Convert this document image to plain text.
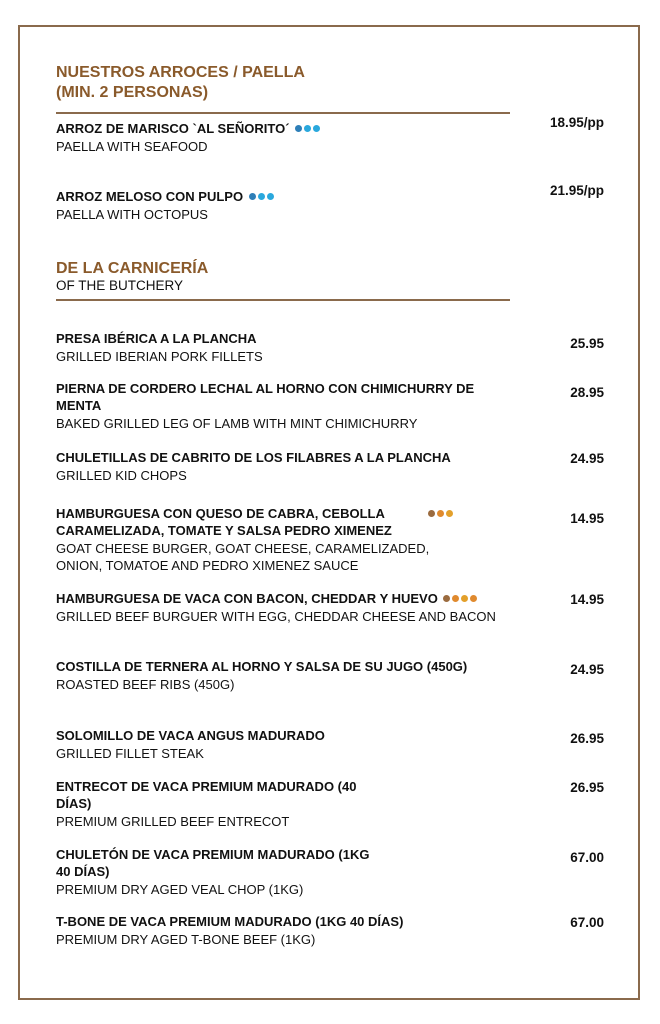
NUESTROS ARROCES / PAELLA
(MIN. 2 PERSONAS)
ARROZ DE MARISCO `AL SEÑORITO´
PAELLA WITH SEAFOOD
18.95/pp
ARROZ MELOSO CON PULPO
PAELLA WITH OCTOPUS
21.95/pp
DE LA CARNICERÍA
OF THE BUTCHERY
PRESA IBÉRICA A LA PLANCHA
GRILLED IBERIAN PORK FILLETS
25.95
PIERNA DE CORDERO LECHAL AL HORNO CON CHIMICHURRY DE MENTA
BAKED GRILLED LEG OF LAMB WITH MINT CHIMICHURRY
28.95
CHULETILLAS DE CABRITO DE LOS FILABRES A LA PLANCHA
GRILLED KID CHOPS
24.95
HAMBURGUESA CON QUESO DE CABRA, CEBOLLA CARAMELIZADA, TOMATE Y SALSA PEDRO XIMENEZ
GOAT CHEESE BURGER, GOAT CHEESE, CARAMELIZADED, ONION, TOMATOE AND PEDRO XIMENEZ SAUCE
14.95
HAMBURGUESA DE VACA CON BACON, CHEDDAR Y HUEVO
GRILLED BEEF BURGUER WITH EGG, CHEDDAR CHEESE AND BACON
14.95
COSTILLA DE TERNERA AL HORNO Y SALSA DE SU JUGO (450G)
ROASTED BEEF RIBS (450G)
24.95
SOLOMILLO DE VACA ANGUS MADURADO
GRILLED FILLET STEAK
26.95
ENTRECOT DE VACA PREMIUM MADURADO (40 DÍAS)
PREMIUM GRILLED BEEF ENTRECOT
26.95
CHULETÓN DE VACA PREMIUM MADURADO (1KG 40 DÍAS)
PREMIUM DRY AGED VEAL CHOP (1KG)
67.00
T-BONE DE VACA PREMIUM MADURADO (1KG 40 DÍAS)
PREMIUM DRY AGED T-BONE BEEF (1KG)
67.00
